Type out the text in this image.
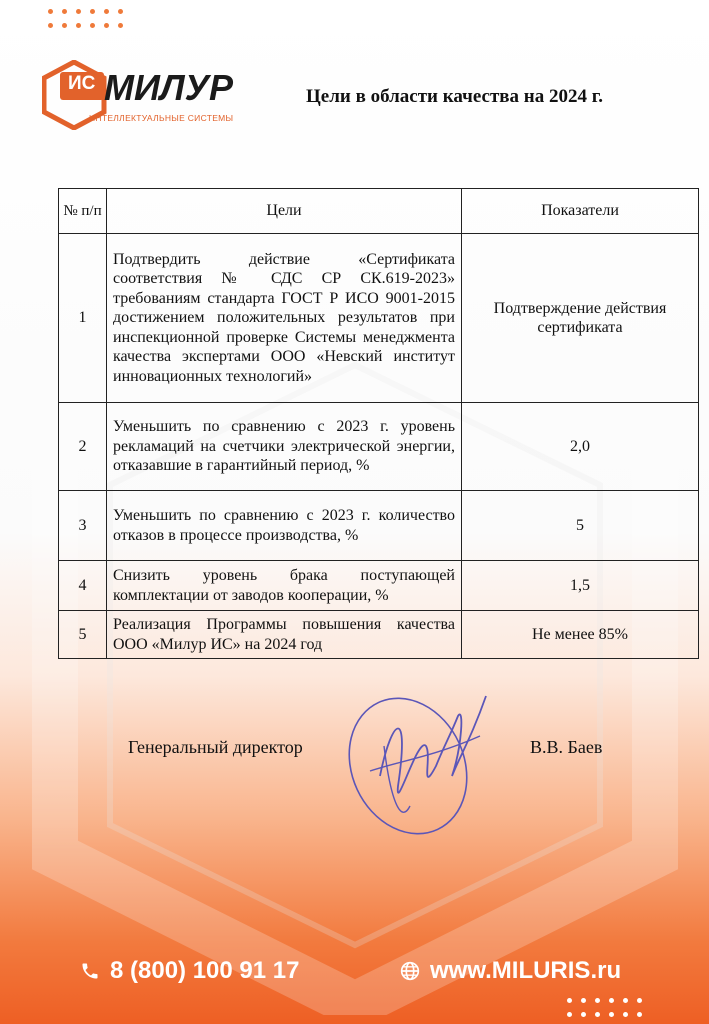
ИС МИЛУР
ИНТЕЛЛЕКТУАЛЬНЫЕ СИСТЕМЫ
Цели в области качества на 2024 г.
№ п/п	Цели	Показатели
1	Подтвердить действие «Сертификата соответствия № СДС СР СК.619-2023» требованиям стандарта ГОСТ Р ИСО 9001-2015 достижением положительных результатов при инспекционной проверке Системы менеджмента качества экспертами ООО «Невский институт инновационных технологий»	Подтверждение действия сертификата
2	Уменьшить по сравнению с 2023 г. уровень рекламаций на счетчики электрической энергии, отказавшие в гарантийный период, %	2,0
3	Уменьшить по сравнению с 2023 г. количество отказов в процессе производства, %	5
4	Снизить уровень брака поступающей комплектации от заводов кооперации, %	1,5
5	Реализация Программы повышения качества ООО «Милур ИС» на 2024 год	Не менее 85%
Генеральный директор	В.В. Баев
8 (800) 100 91 17	www.MILURIS.ru
